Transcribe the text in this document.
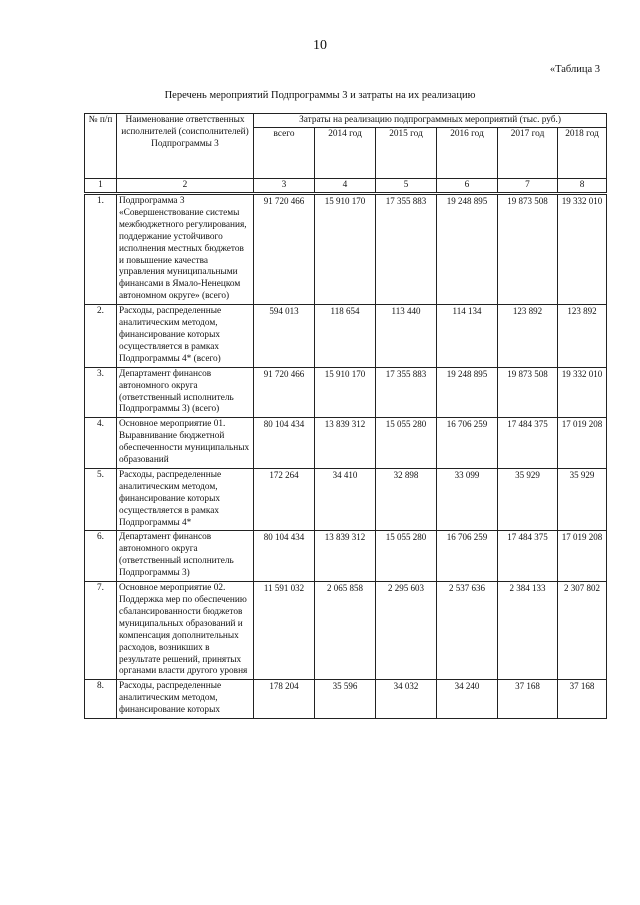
10
«Таблица 3
Перечень мероприятий Подпрограммы 3 и затраты на их реализацию
№ п/п	Наименование ответственных исполнителей (соисполнителей) Подпрограммы 3	Затраты на реализацию подпрограммных мероприятий (тыс. руб.)					
		всего	2014 год	2015 год	2016 год	2017 год	2018 год
1	2	3	4	5	6	7	8
1.	Подпрограмма 3 «Совершенствование системы межбюджетного регулирования, поддержание устойчивого исполнения местных бюджетов и повышение качества управления муниципальными финансами в Ямало-Ненецком автономном округе» (всего)	91 720 466	15 910 170	17 355 883	19 248 895	19 873 508	19 332 010
2.	Расходы, распределенные аналитическим методом, финансирование которых осуществляется в рамках Подпрограммы 4* (всего)	594 013	118 654	113 440	114 134	123 892	123 892
3.	Департамент финансов автономного округа (ответственный исполнитель Подпрограммы 3) (всего)	91 720 466	15 910 170	17 355 883	19 248 895	19 873 508	19 332 010
4.	Основное мероприятие 01. Выравнивание бюджетной обеспеченности муниципальных образований	80 104 434	13 839 312	15 055 280	16 706 259	17 484 375	17 019 208
5.	Расходы, распределенные аналитическим методом, финансирование которых осуществляется в рамках Подпрограммы 4*	172 264	34 410	32 898	33 099	35 929	35 929
6.	Департамент финансов автономного округа (ответственный исполнитель Подпрограммы 3)	80 104 434	13 839 312	15 055 280	16 706 259	17 484 375	17 019 208
7.	Основное мероприятие 02. Поддержка мер по обеспечению сбалансированности бюджетов муниципальных образований и компенсация дополнительных расходов, возникших в результате решений, принятых органами власти другого уровня	11 591 032	2 065 858	2 295 603	2 537 636	2 384 133	2 307 802
8.	Расходы, распределенные аналитическим методом, финансирование которых	178 204	35 596	34 032	34 240	37 168	37 168
